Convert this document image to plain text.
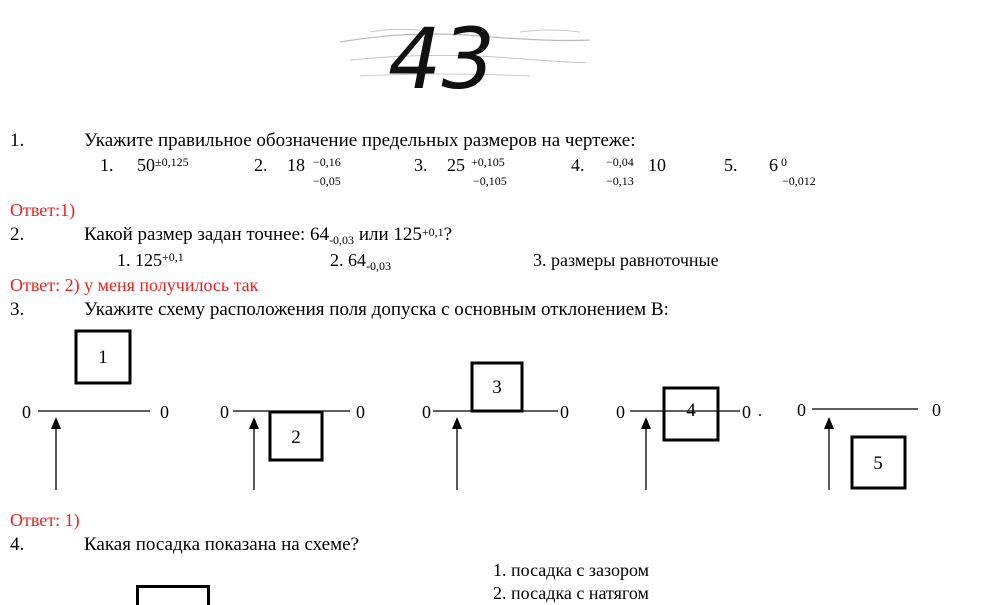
43
1.	Укажите правильное обозначение предельных размеров на чертеже:
1. $50^{\pm 0,125}$	2. 18 −0,16
−0,05
3. 25 +0,105
−0,105
4. −0,04
−0,13
10	5. 6 0
−0,012
Ответ:1)
2.	Какой размер задан точнее: $64_{-0,03}$ или $125^{+0,1}$?
1. $125^{+0,1}$	2. $64_{-0,03}$	3. размеры равноточные
Ответ: 2) у меня получилось так
3.	Укажите схему расположения поля допуска с основным отклонением В:
0	0	0	0	0	0	0	0	0	0
1
2
3
4
5
Ответ: 1)
4.	Какая посадка показана на схеме?
1. посадка с зазором
2. посадка с натягом
